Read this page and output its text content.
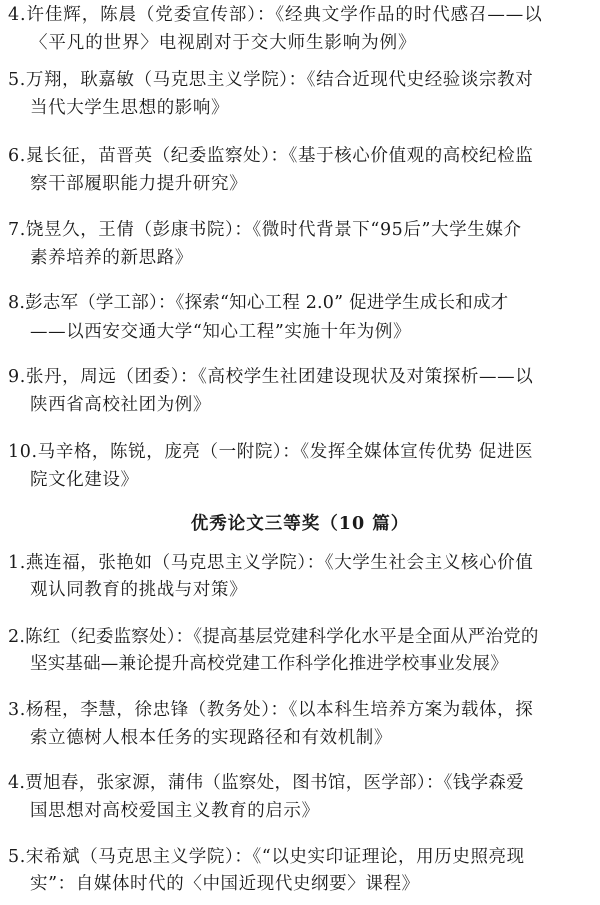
4.许佳辉，陈晨（党委宣传部）：《经典文学作品的时代感召——以
〈平凡的世界〉电视剧对于交大师生影响为例》
5.万翔，耿嘉敏（马克思主义学院）：《结合近现代史经验谈宗教对
当代大学生思想的影响》
6.晁长征，苗晋英（纪委监察处）：《基于核心价值观的高校纪检监
察干部履职能力提升研究》
7.饶昱久，王倩（彭康书院）：《微时代背景下“95后”大学生媒介
素养培养的新思路》
8.彭志军（学工部）：《探索“知心工程 2.0” 促进学生成长和成才
——以西安交通大学“知心工程”实施十年为例》
9.张丹，周远（团委）：《高校学生社团建设现状及对策探析——以
陕西省高校社团为例》
10.马辛格，陈锐，庞亮（一附院）：《发挥全媒体宣传优势 促进医
院文化建设》
优秀论文三等奖（10 篇）
1.燕连福，张艳如（马克思主义学院）：《大学生社会主义核心价值
观认同教育的挑战与对策》
2.陈红（纪委监察处）：《提高基层党建科学化水平是全面从严治党的
坚实基础—兼论提升高校党建工作科学化推进学校事业发展》
3.杨程，李慧，徐忠锋（教务处）：《以本科生培养方案为载体，探
索立德树人根本任务的实现路径和有效机制》
4.贾旭春，张家源，蒲伟（监察处，图书馆，医学部）：《钱学森爱
国思想对高校爱国主义教育的启示》
5.宋希斌（马克思主义学院）：《“以史实印证理论，用历史照亮现
实”：自媒体时代的〈中国近现代史纲要〉课程》
